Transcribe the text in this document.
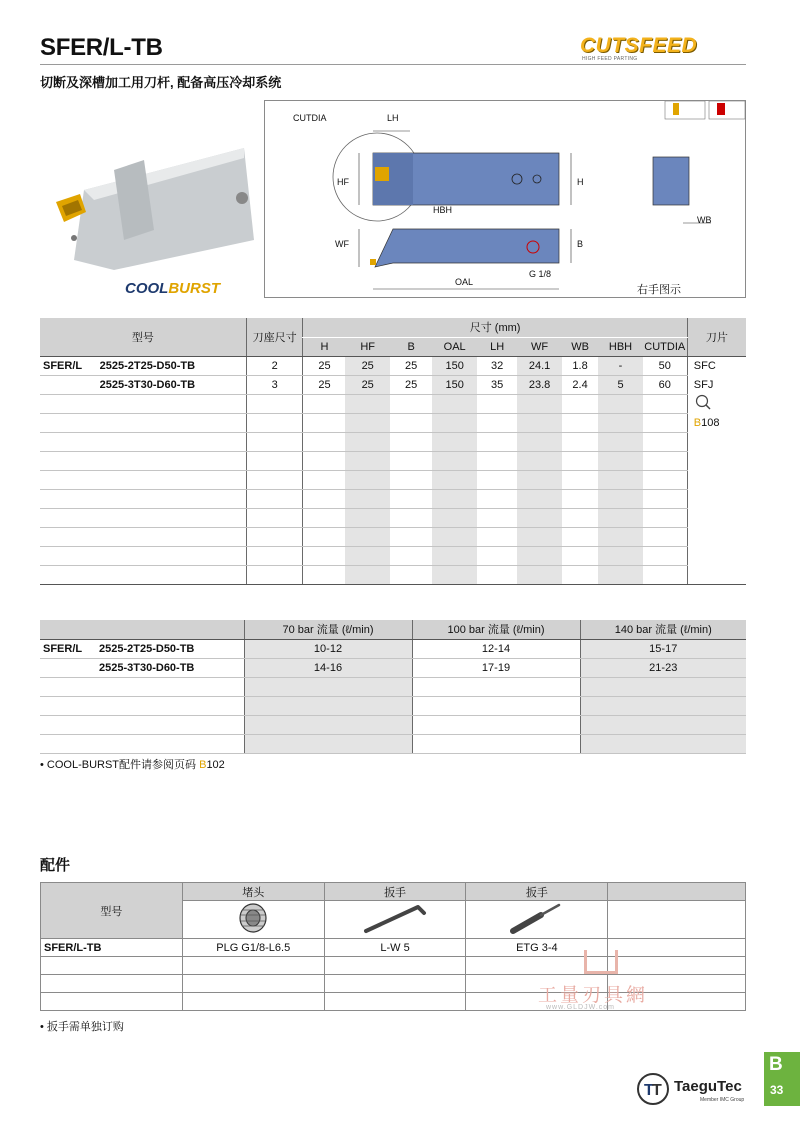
SFER/L-TB	CUTSFEED
HIGH FEED PARTING
切断及深槽加工用刀杆, 配备高压冷却系统
COOLBURST
CUTDIA	LH
HF	H
HBH
WF	B
OAL
G 1/8
WB
右手图示
型号		刀座尺寸	尺寸 (mm)									刀片
			H	HF	B	OAL	LH	WF	WB	HBH	CUTDIA	
SFER/L	2525-2T25-D50-TB	2	25	25	25	150	32	24.1	1.8	-	50	SFC
	2525-3T30-D60-TB	3	25	25	25	150	35	23.8	2.4	5	60	SFJ

												B108

		70 bar 流量 (ℓ/min)	100 bar 流量 (ℓ/min)	140 bar 流量 (ℓ/min)
SFER/L	2525-2T25-D50-TB	10-12	12-14	15-17
	2525-3T30-D60-TB	14-16	17-19	21-23

• COOL-BURST配件请参阅页码 B102
配件
型号	堵头	扳手	扳手	

SFER/L-TB	PLG G1/8-L6.5	L-W 5	ETG 3-4	

• 扳手需单独订购
工量刃具網
www.GLDJW.com
T
T TaeguTec
Member IMC Group
B
33
